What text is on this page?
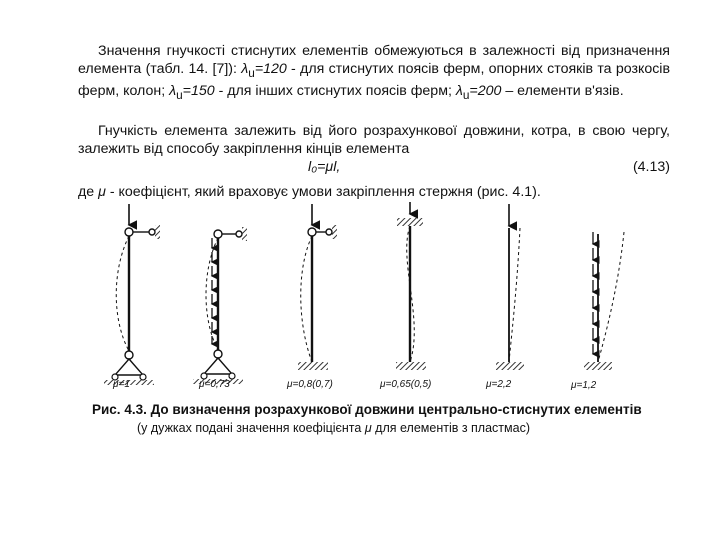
Значення гнучкості стиснутих елементів обмежуються в залежності від призначення елемента (табл. 14. [7]): $\lambda_u=120$ - для стиснутих поясів ферм, опорних стояків та розкосів ферм, колон; $\lambda_u=150$ - для інших стиснутих поясів ферм; $\lambda_u=200$ – елементи в'язів.
Гнучкість елемента залежить від його розрахункової довжини, котра, в свою чергу, залежить від способу закріплення кінців елемента
l₀=μl,	(4.13)
де μ - коефіцієнт, який враховує умови закріплення стержня (рис. 4.1).
μ=1	μ=0,73	μ=0,8(0,7)	μ=0,65(0,5)	μ=2,2	μ=1,2
Рис. 4.3. До визначення розрахункової довжини центрально-стиснутих елементів
(у дужках подані значення коефіцієнта μ для елементів з пластмас)
